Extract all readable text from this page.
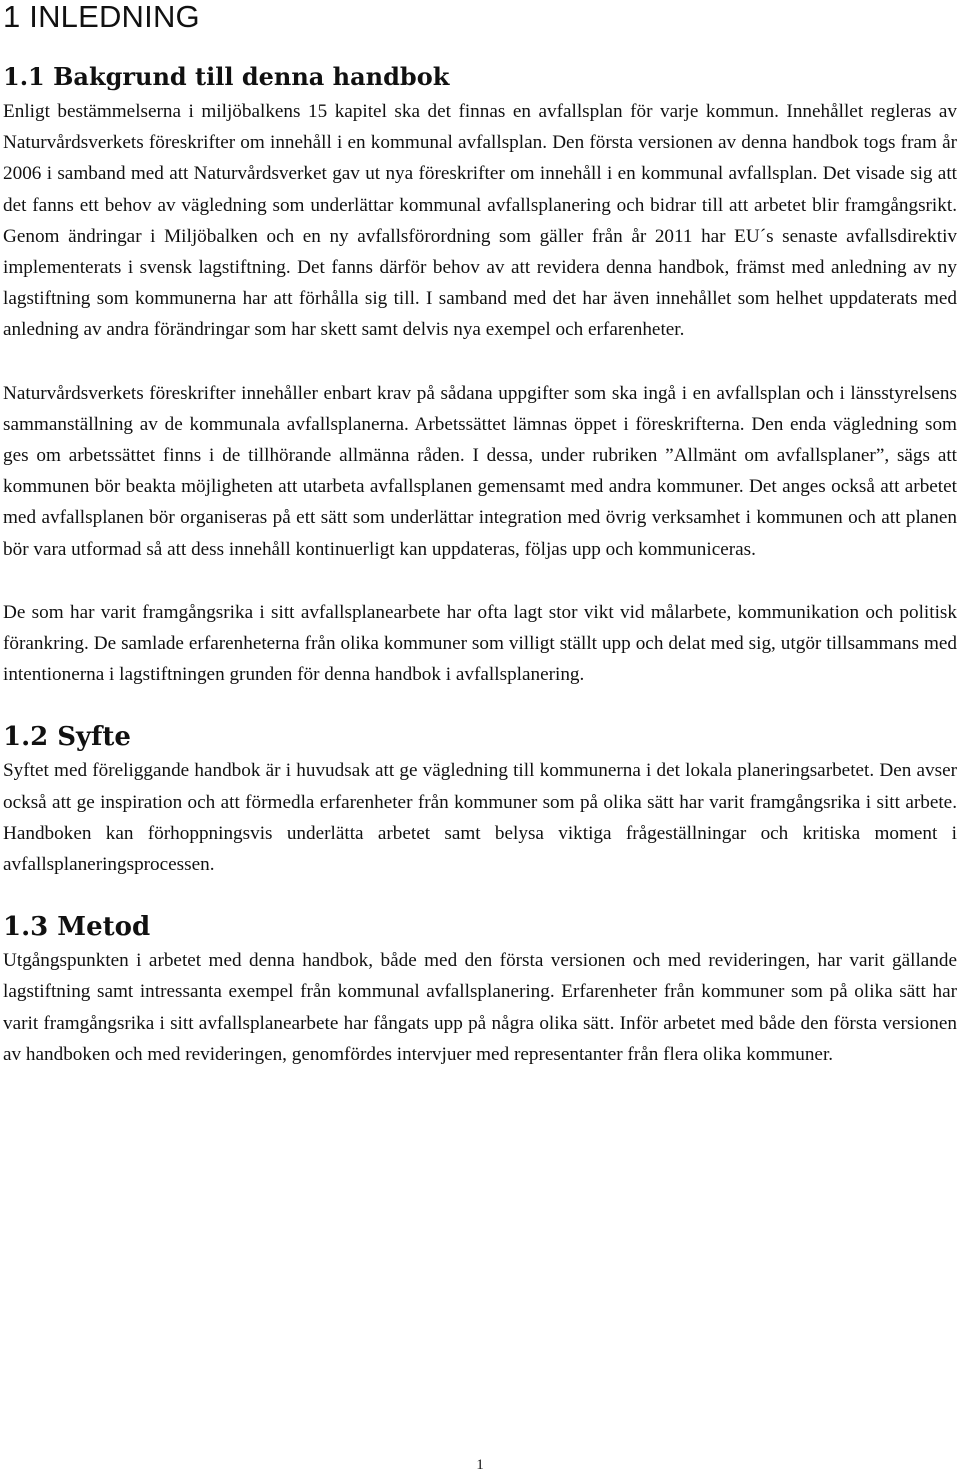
1 INLEDNING
1.1 Bakgrund till denna handbok

Enligt bestämmelserna i miljöbalkens 15 kapitel ska det finnas en avfallsplan för varje kommun. Innehållet regleras av Naturvårdsverkets föreskrifter om innehåll i en kommunal avfallsplan. Den första versionen av denna handbok togs fram år 2006 i samband med att Naturvårdsverket gav ut nya föreskrifter om innehåll i en kommunal avfallsplan. Det visade sig att det fanns ett behov av vägledning som underlättar kommunal avfallsplanering och bidrar till att arbetet blir framgångsrikt. Genom ändringar i Miljöbalken och en ny avfallsförordning som gäller från år 2011 har EU´s senaste avfallsdirektiv implementerats i svensk lagstiftning. Det fanns därför behov av att revidera denna handbok, främst med anledning av ny lagstiftning som kommunerna har att förhålla sig till. I samband med det har även innehållet som helhet uppdaterats med anledning av andra förändringar som har skett samt delvis nya exempel och erfarenheter.

Naturvårdsverkets föreskrifter innehåller enbart krav på sådana uppgifter som ska ingå i en avfallsplan och i länsstyrelsens sammanställning av de kommunala avfallsplanerna. Arbetssättet lämnas öppet i föreskrifterna. Den enda vägledning som ges om arbetssättet finns i de tillhörande allmänna råden. I dessa, under rubriken ”Allmänt om avfallsplaner”, sägs att kommunen bör beakta möjligheten att utarbeta avfallsplanen gemensamt med andra kommuner. Det anges också att arbetet med avfallsplanen bör organiseras på ett sätt som underlättar integration med övrig verksamhet i kommunen och att planen bör vara utformad så att dess innehåll kontinuerligt kan uppdateras, följas upp och kommuniceras.

De som har varit framgångsrika i sitt avfallsplanearbete har ofta lagt stor vikt vid målarbete, kommunikation och politisk förankring. De samlade erfarenheterna från olika kommuner som villigt ställt upp och delat med sig, utgör tillsammans med intentionerna i lagstiftningen grunden för denna handbok i avfallsplanering.

1.2 Syfte

Syftet med föreliggande handbok är i huvudsak att ge vägledning till kommunerna i det lokala planeringsarbetet. Den avser också att ge inspiration och att förmedla erfarenheter från kommuner som på olika sätt har varit framgångsrika i sitt arbete. Handboken kan förhoppningsvis underlätta arbetet samt belysa viktiga frågeställningar och kritiska moment i avfallsplaneringsprocessen.

1.3 Metod

Utgångspunkten i arbetet med denna handbok, både med den första versionen och med revideringen, har varit gällande lagstiftning samt intressanta exempel från kommunal avfallsplanering. Erfarenheter från kommuner som på olika sätt har varit framgångsrika i sitt avfallsplanearbete har fångats upp på några olika sätt. Inför arbetet med både den första versionen av handboken och med revideringen, genomfördes intervjuer med representanter från flera olika kommuner.

1
